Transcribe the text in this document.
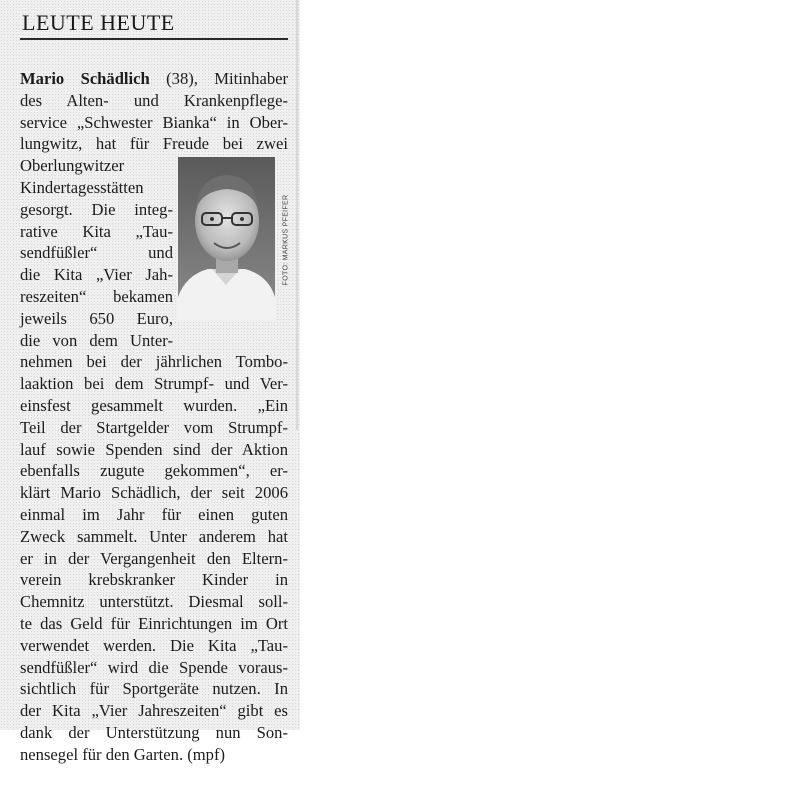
LEUTE HEUTE
FOTO: MARKUS PFEIFER
Mario Schädlich (38), Mitinhaber
des Alten- und Krankenpflege-
service „Schwester Bianka“ in Ober-
lungwitz, hat für Freude bei zwei
Oberlungwitzer
Kindertagesstätten
gesorgt. Die integ-
rative Kita „Tau-
sendfüßler“ und
die Kita „Vier Jah-
reszeiten“ bekamen
jeweils 650 Euro,
die von dem Unter-
nehmen bei der jährlichen Tombo-
laaktion bei dem Strumpf- und Ver-
einsfest gesammelt wurden. „Ein
Teil der Startgelder vom Strumpf-
lauf sowie Spenden sind der Aktion
ebenfalls zugute gekommen“, er-
klärt Mario Schädlich, der seit 2006
einmal im Jahr für einen guten
Zweck sammelt. Unter anderem hat
er in der Vergangenheit den Eltern-
verein krebskranker Kinder in
Chemnitz unterstützt. Diesmal soll-
te das Geld für Einrichtungen im Ort
verwendet werden. Die Kita „Tau-
sendfüßler“ wird die Spende voraus-
sichtlich für Sportgeräte nutzen. In
der Kita „Vier Jahreszeiten“ gibt es
dank der Unterstützung nun Son-
nensegel für den Garten. (mpf)
